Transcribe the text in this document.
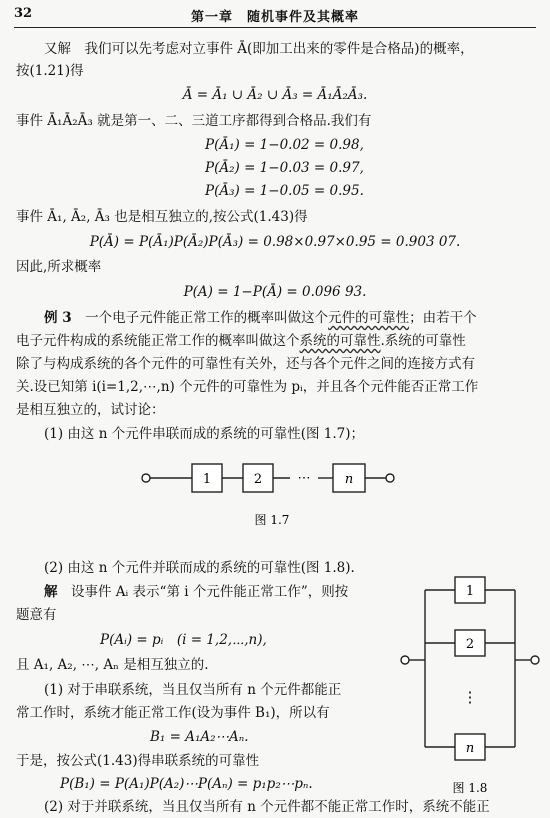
32	第一章　随机事件及其概率
又解　我们可以先考虑对立事件 Ā(即加工出来的零件是合格品)的概率，
按(1.21)得
Ā = Ā₁ ∪ Ā₂ ∪ Ā₃ = Ā₁Ā₂Ā₃.
事件 Ā₁Ā₂Ā₃ 就是第一、二、三道工序都得到合格品.我们有
P(Ā₁) = 1−0.02 = 0.98,
P(Ā₂) = 1−0.03 = 0.97,
P(Ā₃) = 1−0.05 = 0.95.
事件 Ā₁, Ā₂, Ā₃ 也是相互独立的,按公式(1.43)得
P(Ā) = P(Ā₁)P(Ā₂)P(Ā₃) = 0.98×0.97×0.95 = 0.903 07.
因此,所求概率
P(A) = 1−P(Ā) = 0.096 93.
例 3　一个电子元件能正常工作的概率叫做这个元件的可靠性；由若干个
电子元件构成的系统能正常工作的概率叫做这个系统的可靠性.系统的可靠性
除了与构成系统的各个元件的可靠性有关外，还与各个元件之间的连接方式有
关.设已知第 i(i=1,2,⋯,n) 个元件的可靠性为 pᵢ，并且各个元件能否正常工作
是相互独立的，试讨论：
(1) 由这 n 个元件串联而成的系统的可靠性(图 1.7)；
1	2	⋯	n
图 1.7
(2) 由这 n 个元件并联而成的系统的可靠性(图 1.8).
解　设事件 Aᵢ 表示“第 i 个元件能正常工作”，则按
题意有
P(Aᵢ) = pᵢ　(i = 1,2,⋯,n),
且 A₁, A₂, ⋯, Aₙ 是相互独立的.
(1) 对于串联系统，当且仅当所有 n 个元件都能正
常工作时，系统才能正常工作(设为事件 B₁)，所以有
B₁ = A₁A₂⋯Aₙ.
于是，按公式(1.43)得串联系统的可靠性
P(B₁) = P(A₁)P(A₂)⋯P(Aₙ) = p₁p₂⋯pₙ.
(2) 对于并联系统，当且仅当所有 n 个元件都不能正常工作时，系统不能正
1
2
⋮
n
图 1.8
